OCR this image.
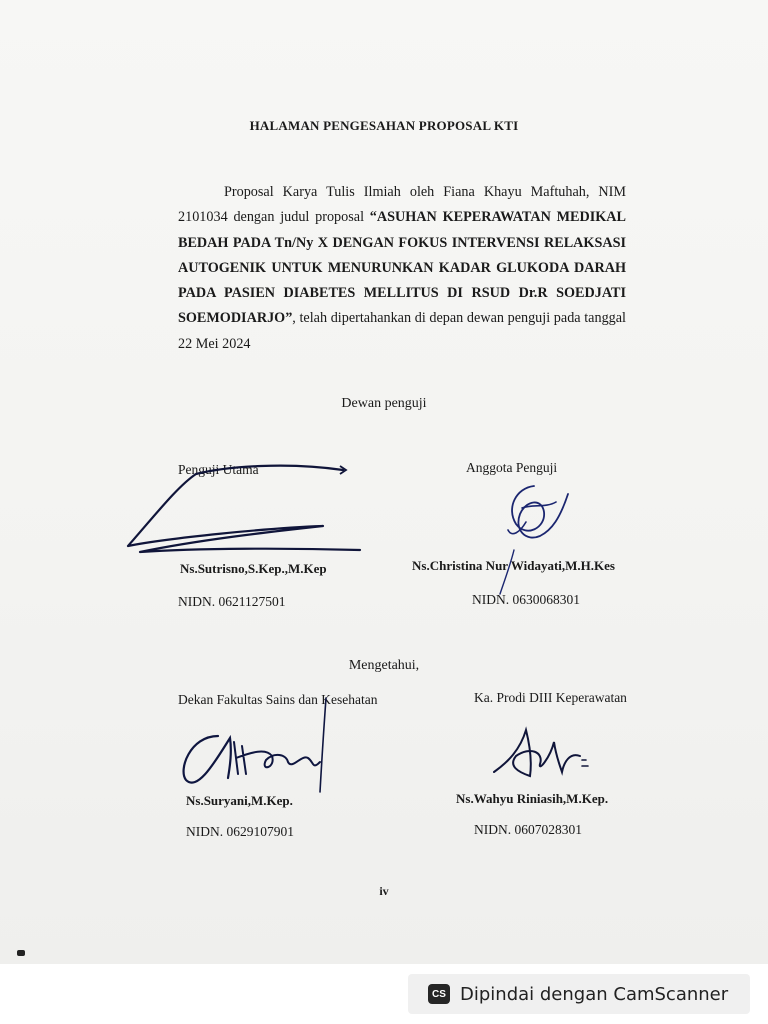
HALAMAN PENGESAHAN PROPOSAL KTI
Proposal Karya Tulis Ilmiah oleh Fiana Khayu Maftuhah, NIM 2101034 dengan judul proposal “ASUHAN KEPERAWATAN MEDIKAL BEDAH PADA Tn/Ny X DENGAN FOKUS INTERVENSI RELAKSASI AUTOGENIK UNTUK MENURUNKAN KADAR GLUKODA DARAH PADA PASIEN DIABETES MELLITUS DI RSUD Dr.R SOEDJATI SOEMODIARJO”, telah dipertahankan di depan dewan penguji pada tanggal 22 Mei 2024
Dewan penguji
Penguji Utama
Ns.Sutrisno,S.Kep.,M.Kep
NIDN. 0621127501
Anggota Penguji
Ns.Christina Nur Widayati,M.H.Kes
NIDN. 0630068301
Mengetahui,
Dekan Fakultas Sains dan Kesehatan
Ns.Suryani,M.Kep.
NIDN. 0629107901
Ka. Prodi DIII Keperawatan
Ns.Wahyu Riniasih,M.Kep.
NIDN. 0607028301
iv
CS Dipindai dengan CamScanner
